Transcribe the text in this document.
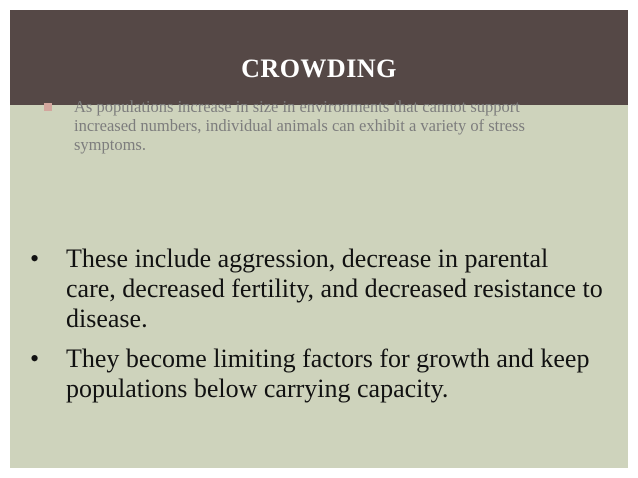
CROWDING
As populations increase in size in environments that cannot support increased numbers, individual animals can exhibit a variety of stress symptoms.
• These include aggression, decrease in parental care, decreased fertility, and decreased resistance to disease.
• They become limiting factors for growth and keep populations below carrying capacity.
